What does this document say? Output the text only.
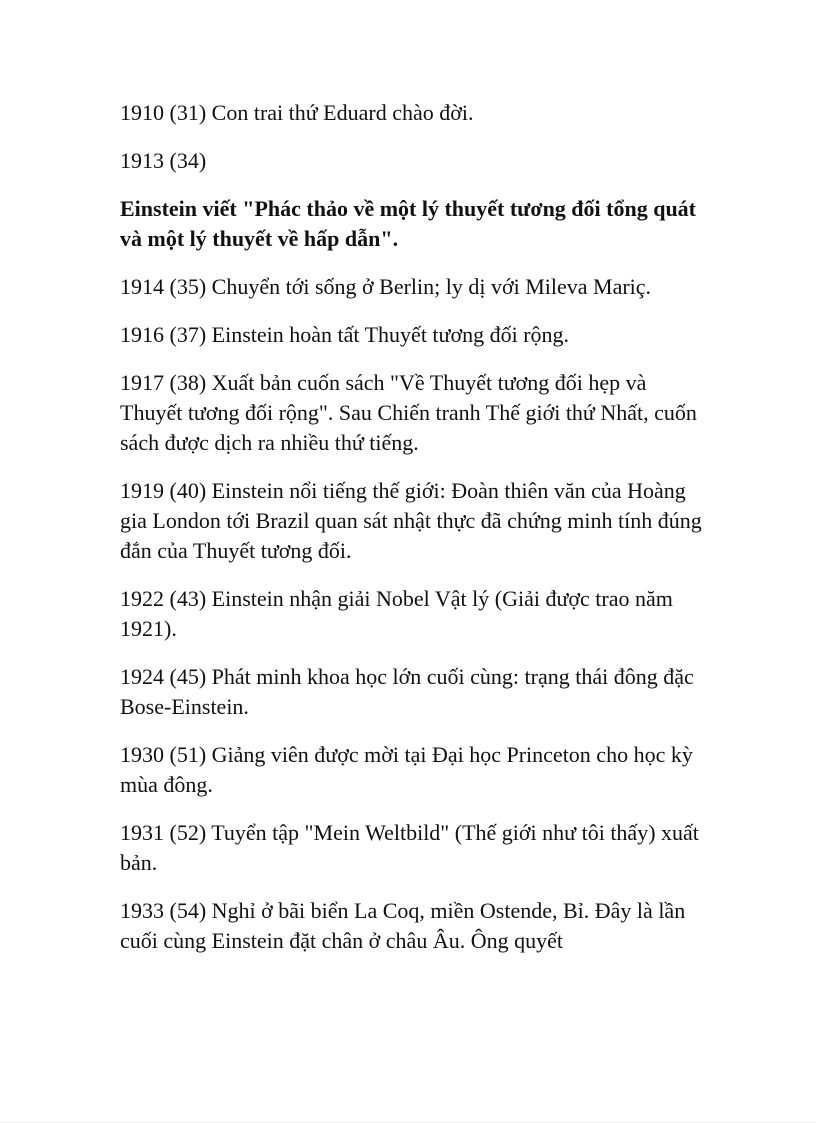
1910 (31) Con trai thứ Eduard chào đời.

1913 (34)

Einstein viết "Phác thảo về một lý thuyết tương đối tổng quát và một lý thuyết về hấp dẫn".

1914 (35) Chuyển tới sống ở Berlin; ly dị với Mileva Mariç.

1916 (37) Einstein hoàn tất Thuyết tương đối rộng.

1917 (38) Xuất bản cuốn sách "Về Thuyết tương đối hẹp và Thuyết tương đối rộng". Sau Chiến tranh Thế giới thứ Nhất, cuốn sách được dịch ra nhiều thứ tiếng.

1919 (40) Einstein nổi tiếng thế giới: Đoàn thiên văn của Hoàng gia London tới Brazil quan sát nhật thực đã chứng minh tính đúng đắn của Thuyết tương đối.

1922 (43) Einstein nhận giải Nobel Vật lý (Giải được trao năm 1921).

1924 (45) Phát minh khoa học lớn cuối cùng: trạng thái đông đặc Bose-Einstein.

1930 (51) Giảng viên được mời tại Đại học Princeton cho học kỳ mùa đông.

1931 (52) Tuyển tập "Mein Weltbild" (Thế giới như tôi thấy) xuất bản.

1933 (54) Nghỉ ở bãi biển La Coq, miền Ostende, Bỉ. Đây là lần cuối cùng Einstein đặt chân ở châu Âu. Ông quyết
